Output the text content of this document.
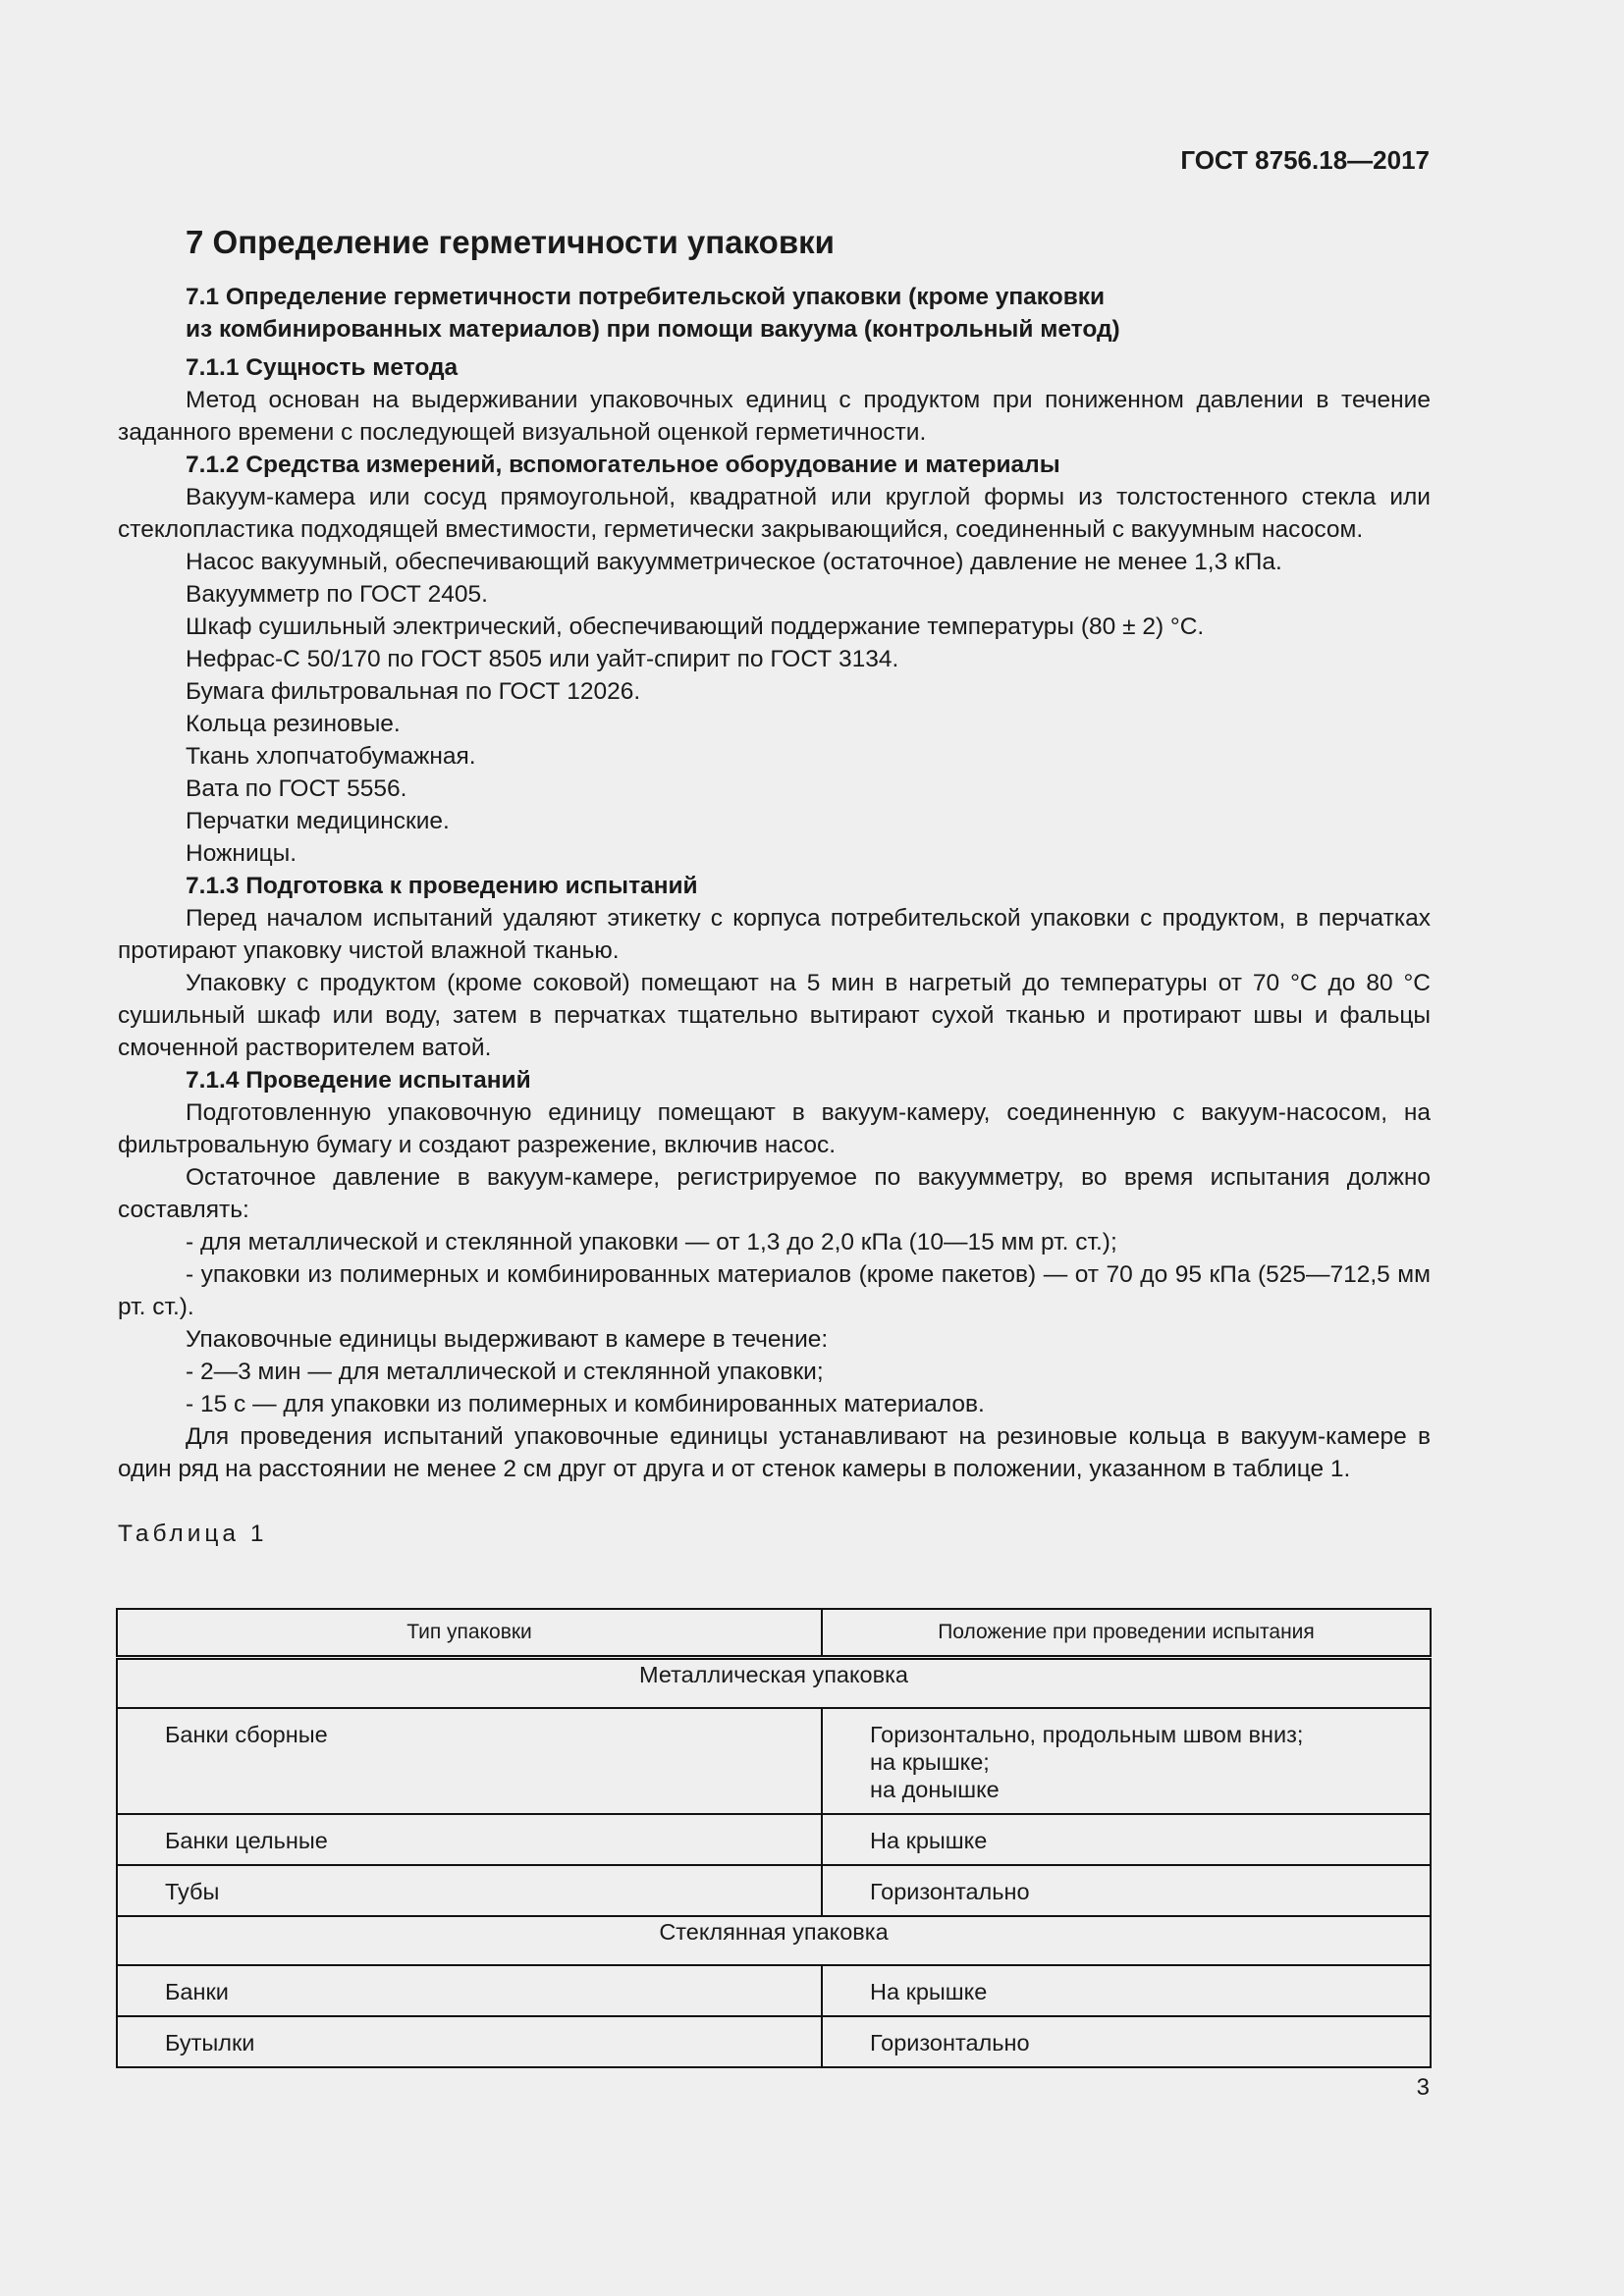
ГОСТ 8756.18—2017

7 Определение герметичности упаковки

7.1 Определение герметичности потребительской упаковки (кроме упаковки

из комбинированных материалов) при помощи вакуума (контрольный метод)

7.1.1 Сущность метода

Метод основан на выдерживании упаковочных единиц с продуктом при пониженном давлении в течение заданного времени с последующей визуальной оценкой герметичности.

7.1.2 Средства измерений, вспомогательное оборудование и материалы

Вакуум-камера или сосуд прямоугольной, квадратной или круглой формы из толстостенного стекла или стеклопластика подходящей вместимости, герметически закрывающийся, соединенный с вакуумным насосом.

Насос вакуумный, обеспечивающий вакуумметрическое (остаточное) давление не менее 1,3 кПа.

Вакуумметр по ГОСТ 2405.

Шкаф сушильный электрический, обеспечивающий поддержание температуры (80 ± 2) °С.

Нефрас-С 50/170 по ГОСТ 8505 или уайт-спирит по ГОСТ 3134.

Бумага фильтровальная по ГОСТ 12026.

Кольца резиновые.

Ткань хлопчатобумажная.

Вата по ГОСТ 5556.

Перчатки медицинские.

Ножницы.

7.1.3 Подготовка к проведению испытаний

Перед началом испытаний удаляют этикетку с корпуса потребительской упаковки с продуктом, в перчатках протирают упаковку чистой влажной тканью.

Упаковку с продуктом (кроме соковой) помещают на 5 мин в нагретый до температуры от 70 °С до 80 °С сушильный шкаф или воду, затем в перчатках тщательно вытирают сухой тканью и протирают швы и фальцы смоченной растворителем ватой.

7.1.4 Проведение испытаний

Подготовленную упаковочную единицу помещают в вакуум-камеру, соединенную с вакуум-насосом, на фильтровальную бумагу и создают разрежение, включив насос.

Остаточное давление в вакуум-камере, регистрируемое по вакуумметру, во время испытания должно составлять:

- для металлической и стеклянной упаковки — от 1,3 до 2,0 кПа (10—15 мм рт. ст.);

- упаковки из полимерных и комбинированных материалов (кроме пакетов) — от 70 до 95 кПа (525—712,5 мм рт. ст.).

Упаковочные единицы выдерживают в камере в течение:

- 2—3 мин — для металлической и стеклянной упаковки;

- 15 с — для упаковки из полимерных и комбинированных материалов.

Для проведения испытаний упаковочные единицы устанавливают на резиновые кольца в вакуум-камере в один ряд на расстоянии не менее 2 см друг от друга и от стенок камеры в положении, указанном в таблице 1.

Таблица 1

Тип упаковки	Положение при проведении испытания
Металлическая упаковка	
Банки сборные	Горизонтально, продольным швом вниз;
на крышке;
на донышке

Банки цельные	На крышке
Тубы	Горизонтально
Стеклянная упаковка	
Банки	На крышке
Бутылки	Горизонтально
3
